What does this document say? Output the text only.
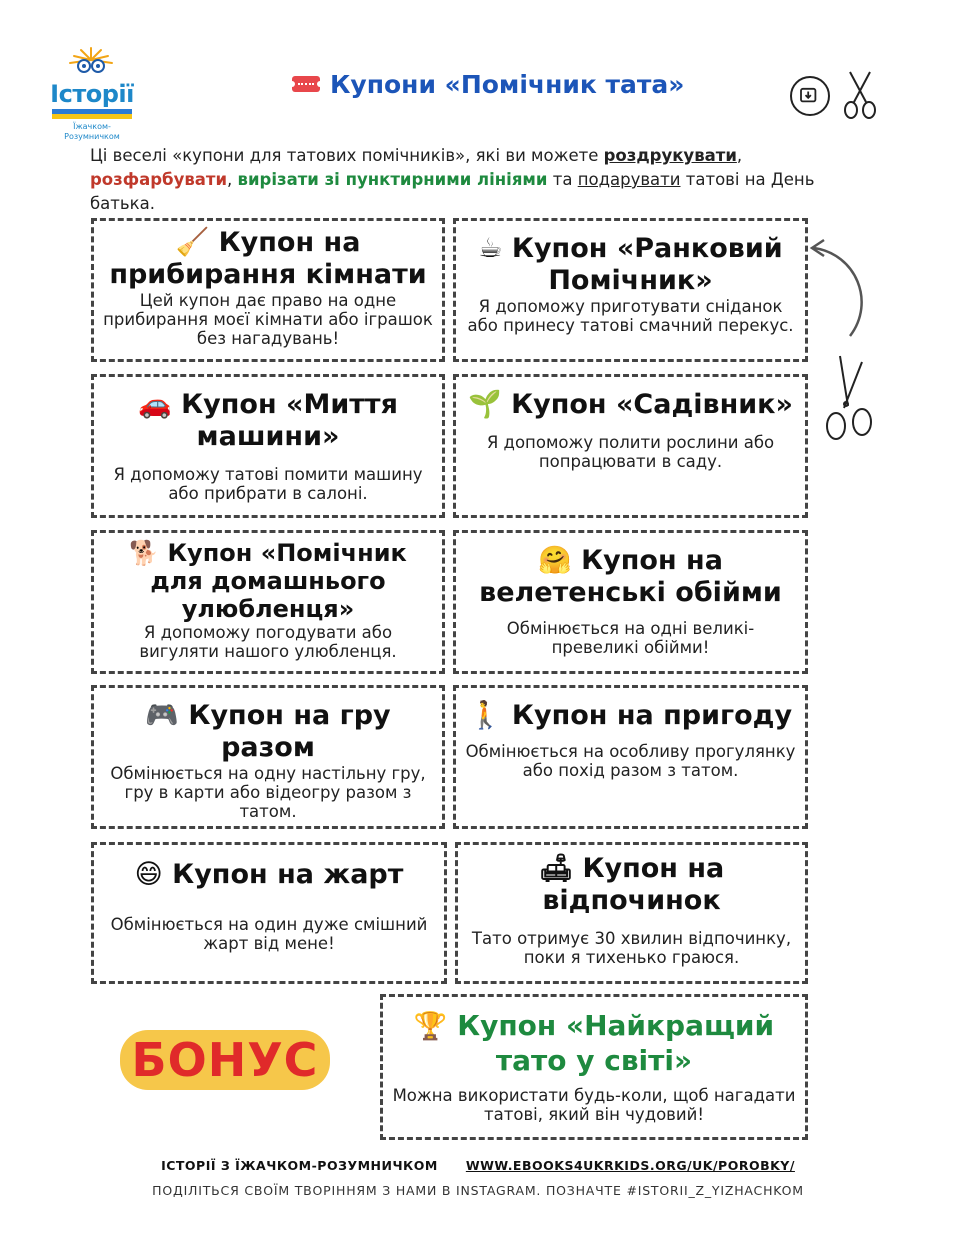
Історії
Їжачком-
Розумничком
Купони «Помічник тата»

Ці веселі «купони для татових помічників», які ви можете роздрукувати, розфарбувати, вирізати зі пунктирними лініями та подарувати татові на День батька.

🧹 Купон на прибирання кімнати
Цей купон дає право на одне прибирання моєї кімнати або іграшок без нагадувань!
☕ Купон «Ранковий Помічник»
Я допоможу приготувати сніданок або принесу татові смачний перекус.
🚗 Купон «Миття машини»
Я допоможу татові помити машину або прибрати в салоні.
🌱 Купон «Садівник»
Я допоможу полити рослини або попрацювати в саду.
🐕 Купон «Помічник для домашнього улюбленця»
Я допоможу погодувати або вигуляти нашого улюбленця.
🤗 Купон на велетенські обійми
Обмінюється на одні великі-превеликі обійми!
🎮 Купон на гру разом
Обмінюється на одну настільну гру, гру в карти або відеогру разом з татом.
🚶 Купон на пригоду
Обмінюється на особливу прогулянку або похід разом з татом.
😄 Купон на жарт
Обмінюється на один дуже смішний жарт від мене!
🛋 Купон на відпочинок
Тато отримує 30 хвилин відпочинку, поки я тихенько граюся.
🏆 Купон «Найкращий тато у світі»
Можна використати будь-коли, щоб нагадати татові, який він чудовий!
БОНУС
ІСТОРІЇ З ЇЖАЧКОМ-РОЗУМНИЧКОМ WWW.EBOOKS4UKRKIDS.ORG/UK/POROBKY/
ПОДІЛІТЬСЯ СВОЇМ ТВОРІННЯМ З НАМИ В INSTAGRAM. ПОЗНАЧТЕ #ISTORII_Z_YIZHACHKOM
